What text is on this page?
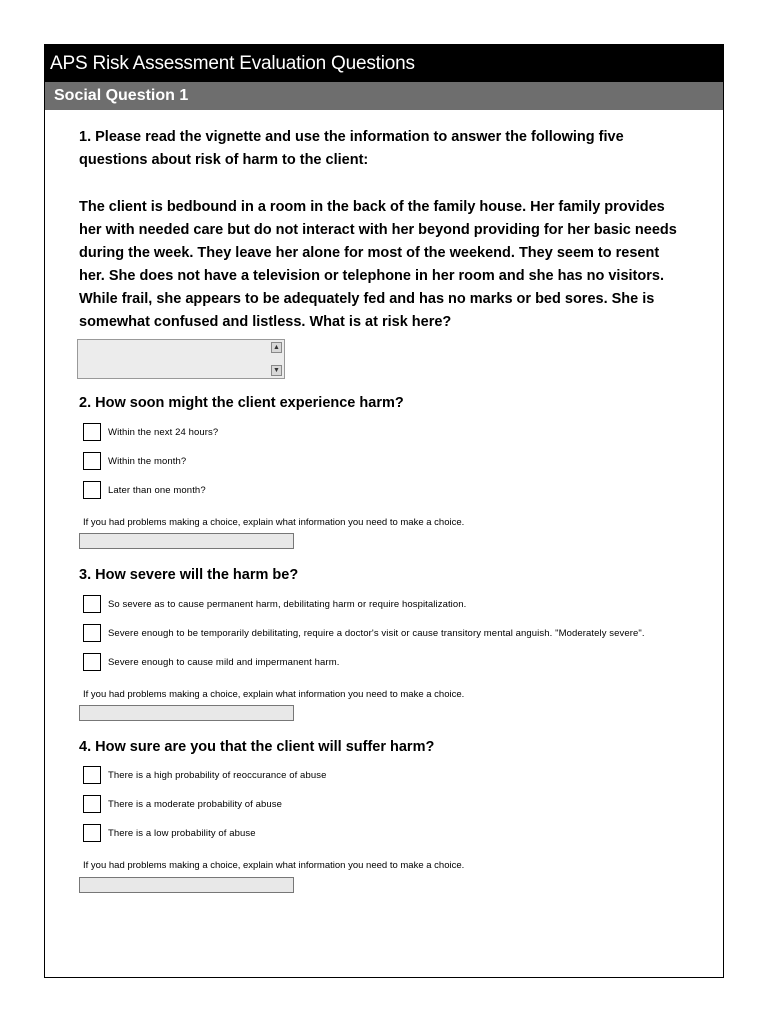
APS Risk Assessment Evaluation Questions
Social Question 1
1. Please read the vignette and use the information to answer the following five
questions about risk of harm to the client:
The client is bedbound in a room in the back of the family house. Her family provides
her with needed care but do not interact with her beyond providing for her basic needs
during the week. They leave her alone for most of the weekend. They seem to resent
her. She does not have a television or telephone in her room and she has no visitors.
While frail, she appears to be adequately fed and has no marks or bed sores. She is
somewhat confused and listless. What is at risk here?
▲
▼
2. How soon might the client experience harm?
Within the next 24 hours?
Within the month?
Later than one month?
If you had problems making a choice, explain what information you need to make a choice.
3. How severe will the harm be?
So severe as to cause permanent harm, debilitating harm or require hospitalization.
Severe enough to be temporarily debilitating, require a doctor's visit or cause transitory mental anguish. "Moderately severe".
Severe enough to cause mild and impermanent harm.
If you had problems making a choice, explain what information you need to make a choice.
4. How sure are you that the client will suffer harm?
There is a high probability of reoccurance of abuse
There is a moderate probability of abuse
There is a low probability of abuse
If you had problems making a choice, explain what information you need to make a choice.
